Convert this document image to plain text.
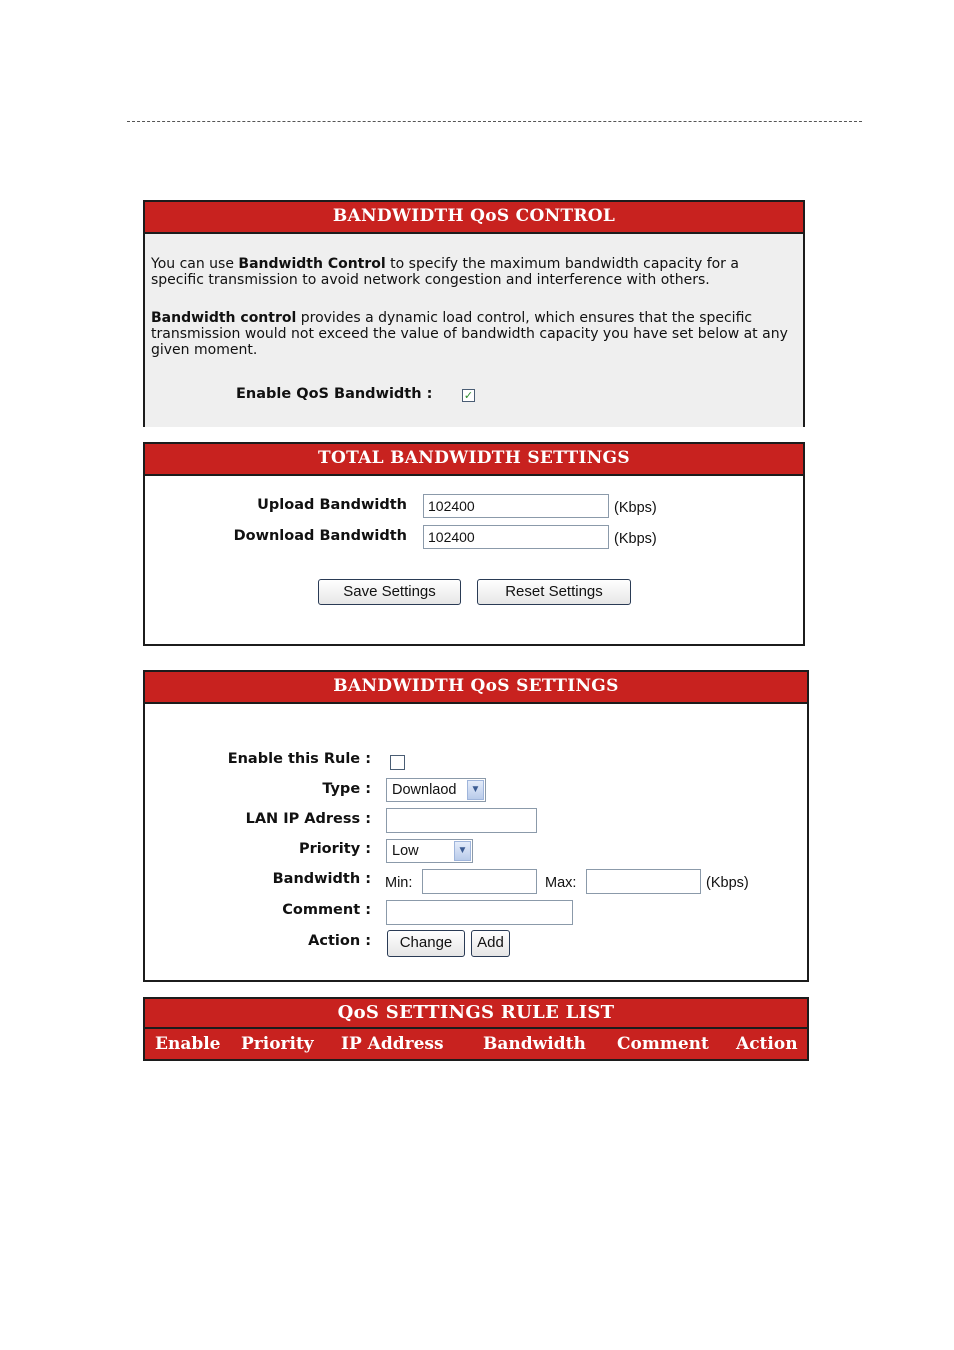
BANDWIDTH QoS CONTROL
You can use Bandwidth Control to specify the maximum bandwidth capacity for a specific transmission to avoid network congestion and interference with others.
Bandwidth control provides a dynamic load control, which ensures that the specific transmission would not exceed the value of bandwidth capacity you have set below at any given moment.
Enable QoS Bandwidth :	✓
TOTAL BANDWIDTH SETTINGS
Upload Bandwidth	102400	(Kbps)
Download Bandwidth	102400	(Kbps)
Save Settings	Reset Settings
BANDWIDTH QoS SETTINGS
Enable this Rule :
Type :	Downlaod	▼
LAN IP Adress :
Priority :	Low	▼
Bandwidth : Min:	Max:	(Kbps)
Comment :
Action :	Change	Add
QoS SETTINGS RULE LIST
Enable Priority IP Address Bandwidth Comment Action
